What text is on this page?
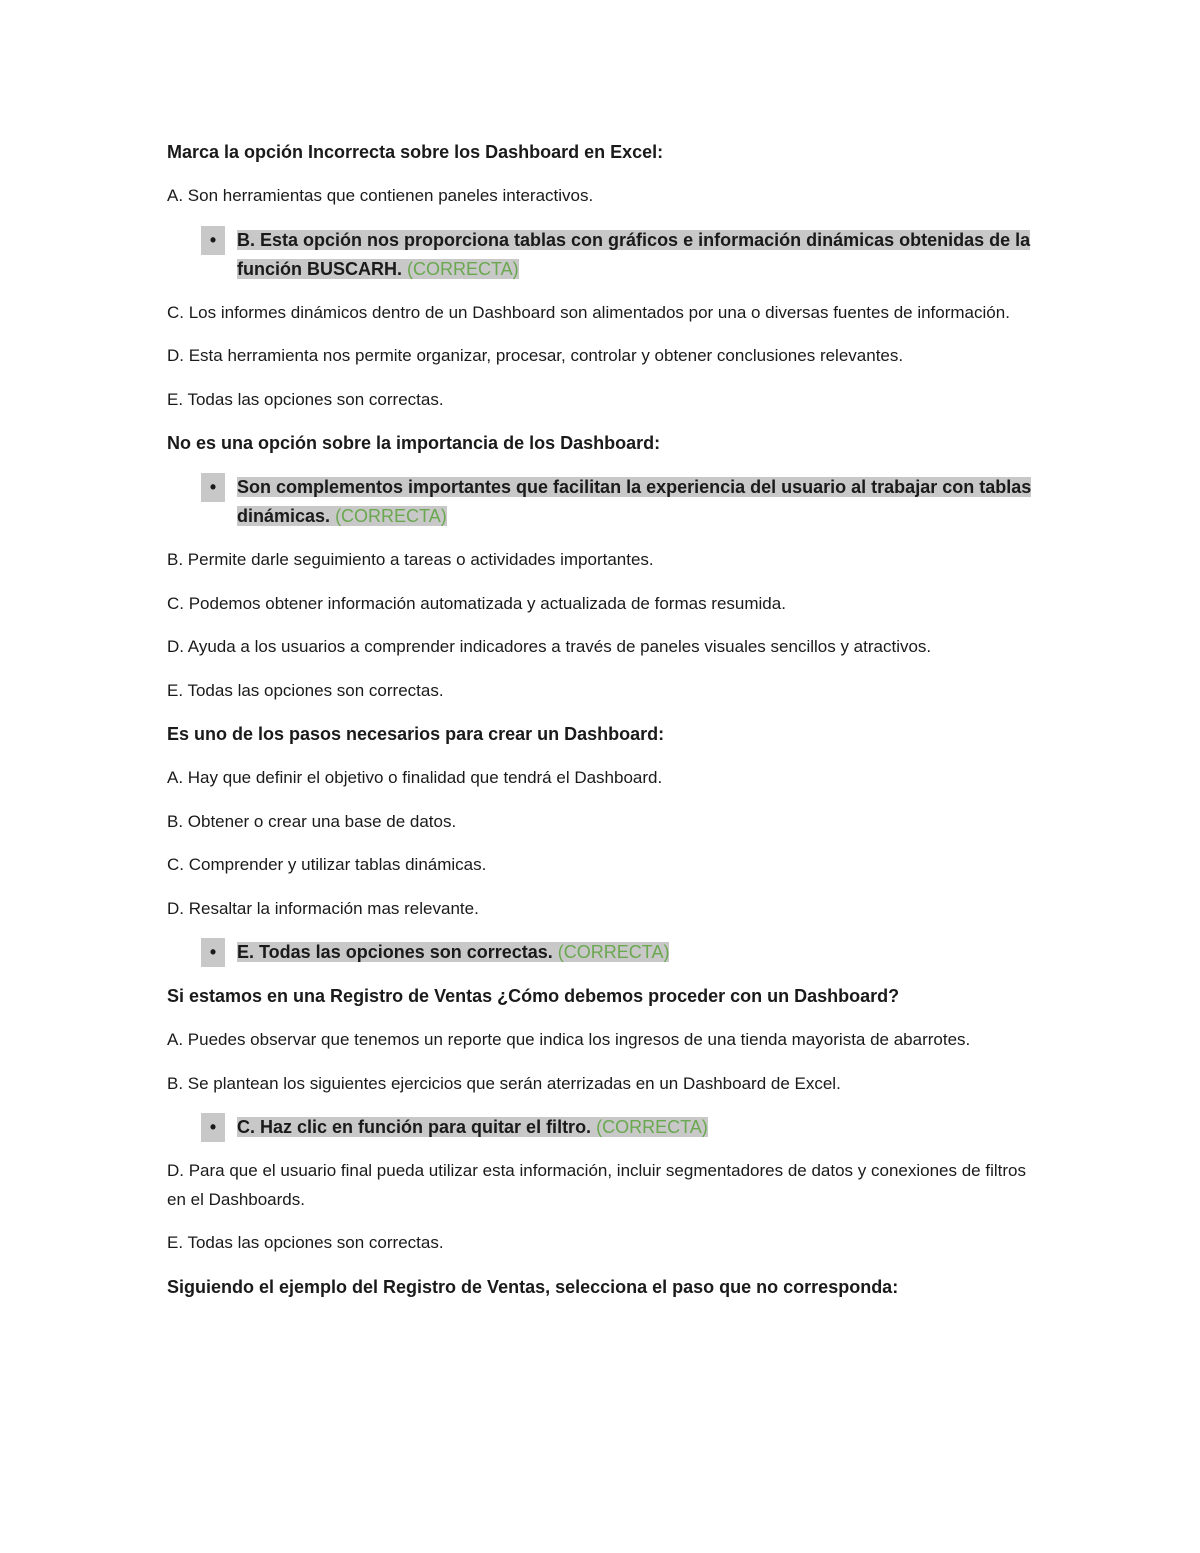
Marca la opción Incorrecta sobre los Dashboard en Excel:

A. Son herramientas que contienen paneles interactivos.

•	B. Esta opción nos proporciona tablas con gráficos e información dinámicas obtenidas de la función BUSCARH. (CORRECTA)

C. Los informes dinámicos dentro de un Dashboard son alimentados por una o diversas fuentes de información.

D. Esta herramienta nos permite organizar, procesar, controlar y obtener conclusiones relevantes.

E. Todas las opciones son correctas.

No es una opción sobre la importancia de los Dashboard:

•	Son complementos importantes que facilitan la experiencia del usuario al trabajar con tablas dinámicas. (CORRECTA)

B. Permite darle seguimiento a tareas o actividades importantes.

C. Podemos obtener información automatizada y actualizada de formas resumida.

D. Ayuda a los usuarios a comprender indicadores a través de paneles visuales sencillos y atractivos.

E. Todas las opciones son correctas.

Es uno de los pasos necesarios para crear un Dashboard:

A. Hay que definir el objetivo o finalidad que tendrá el Dashboard.

B. Obtener o crear una base de datos.

C. Comprender y utilizar tablas dinámicas.

D. Resaltar la información mas relevante.

•	E. Todas las opciones son correctas. (CORRECTA)

Si estamos en una Registro de Ventas ¿Cómo debemos proceder con un Dashboard?

A. Puedes observar que tenemos un reporte que indica los ingresos de una tienda mayorista de abarrotes.

B. Se plantean los siguientes ejercicios que serán aterrizadas en un Dashboard de Excel.

•	C. Haz clic en función para quitar el filtro. (CORRECTA)

D. Para que el usuario final pueda utilizar esta información, incluir segmentadores de datos y conexiones de filtros en el Dashboards.

E. Todas las opciones son correctas.

Siguiendo el ejemplo del Registro de Ventas, selecciona el paso que no corresponda:
